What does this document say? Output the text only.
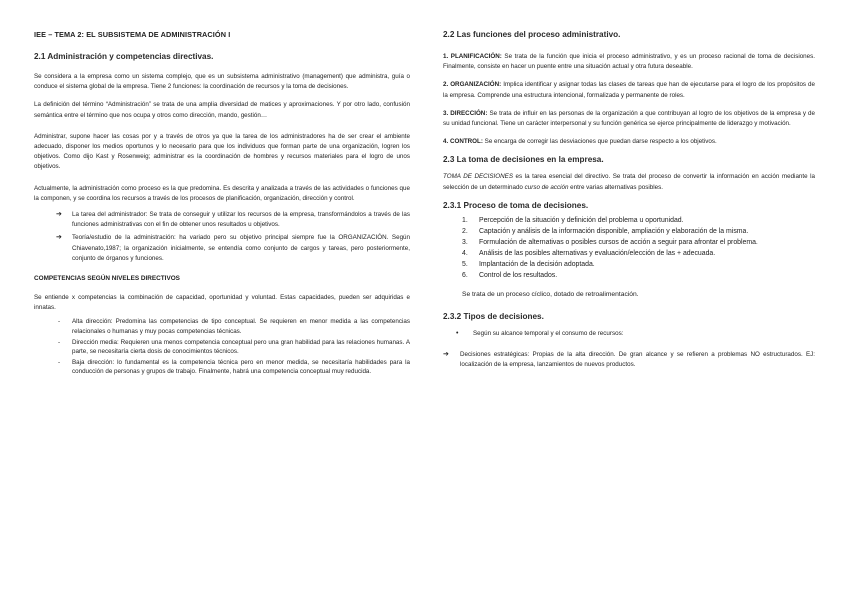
IEE – TEMA 2: EL SUBSISTEMA DE ADMINISTRACIÓN I

2.1 Administración y competencias directivas.

Se considera a la empresa como un sistema complejo, que es un subsistema administrativo (management) que administra, guía o conduce el sistema global de la empresa. Tiene 2 funciones: la coordinación de recursos y la toma de decisiones.

La definición del término “Administración” se trata de una amplia diversidad de matices y aproximaciones. Y por otro lado, confusión semántica entre el término que nos ocupa y otros como dirección, mando, gestión…

Administrar, supone hacer las cosas por y a través de otros ya que la tarea de los administradores ha de ser crear el ambiente adecuado, disponer los medios oportunos y lo necesario para que los individuos que forman parte de una organización, logren los objetivos. Como dijo Kast y Rosenweig; administrar es la coordinación de hombres y recursos materiales para el logro de unos objetivos.

Actualmente, la administración como proceso es la que predomina. Es descrita y analizada a través de las actividades o funciones que la componen, y se coordina los recursos a través de los procesos de planificación, organización, dirección y control.

➔ La tarea del administrador: Se trata de conseguir y utilizar los recursos de la empresa, transformándolos a través de las funciones administrativas con el fin de obtener unos resultados u objetivos.
➔ Teoría/estudio de la administración: ha variado pero su objetivo principal siempre fue la ORGANIZACIÓN. Según Chiavenato,1987; la organización inicialmente, se entendía como conjunto de cargos y tareas, pero posteriormente, conjunto de órganos y funciones.

COMPETENCIAS SEGÚN NIVELES DIRECTIVOS

Se entiende x competencias la combinación de capacidad, oportunidad y voluntad. Estas capacidades, pueden ser adquiridas e innatas.

- Alta dirección: Predomina las competencias de tipo conceptual. Se requieren en menor medida a las competencias relacionales o humanas y muy pocas competencias técnicas.
- Dirección media: Requieren una menos competencia conceptual pero una gran habilidad para las relaciones humanas. A parte, se necesitaría cierta dosis de conocimientos técnicos.
- Baja dirección: lo fundamental es la competencia técnica pero en menor medida, se necesitaría habilidades para la conducción de personas y grupos de trabajo. Finalmente, habrá una competencia conceptual muy reducida.

2.2 Las funciones del proceso administrativo.

1. PLANIFICACIÓN: Se trata de la función que inicia el proceso administrativo, y es un proceso racional de toma de decisiones. Finalmente, consiste en hacer un puente entre una situación actual y otra futura deseable.

2. ORGANIZACIÓN: Implica identificar y asignar todas las clases de tareas que han de ejecutarse para el logro de los propósitos de la empresa. Comprende una estructura intencional, formalizada y permanente de roles.

3. DIRECCIÓN: Se trata de influir en las personas de la organización a que contribuyan al logro de los objetivos de la empresa y de su unidad funcional. Tiene un carácter interpersonal y su función genérica se ejerce principalmente de liderazgo y motivación.

4. CONTROL: Se encarga de corregir las desviaciones que puedan darse respecto a los objetivos.

2.3 La toma de decisiones en la empresa.

TOMA DE DECISIONES es la tarea esencial del directivo. Se trata del proceso de convertir la información en acción mediante la selección de un determinado curso de acción entre varias alternativas posibles.

2.3.1 Proceso de toma de decisiones.

1. Percepción de la situación y definición del problema u oportunidad.
2. Captación y análisis de la información disponible, ampliación y elaboración de la misma.
3. Formulación de alternativas o posibles cursos de acción a seguir para afrontar el problema.
4. Análisis de las posibles alternativas y evaluación/elección de las + adecuada.
5. Implantación de la decisión adoptada.
6. Control de los resultados.

Se trata de un proceso cíclico, dotado de retroalimentación.

2.3.2 Tipos de decisiones.

• Según su alcance temporal y el consumo de recursos:

➔ Decisiones estratégicas: Propias de la alta dirección. De gran alcance y se refieren a problemas NO estructurados. EJ: localización de la empresa, lanzamientos de nuevos productos.
